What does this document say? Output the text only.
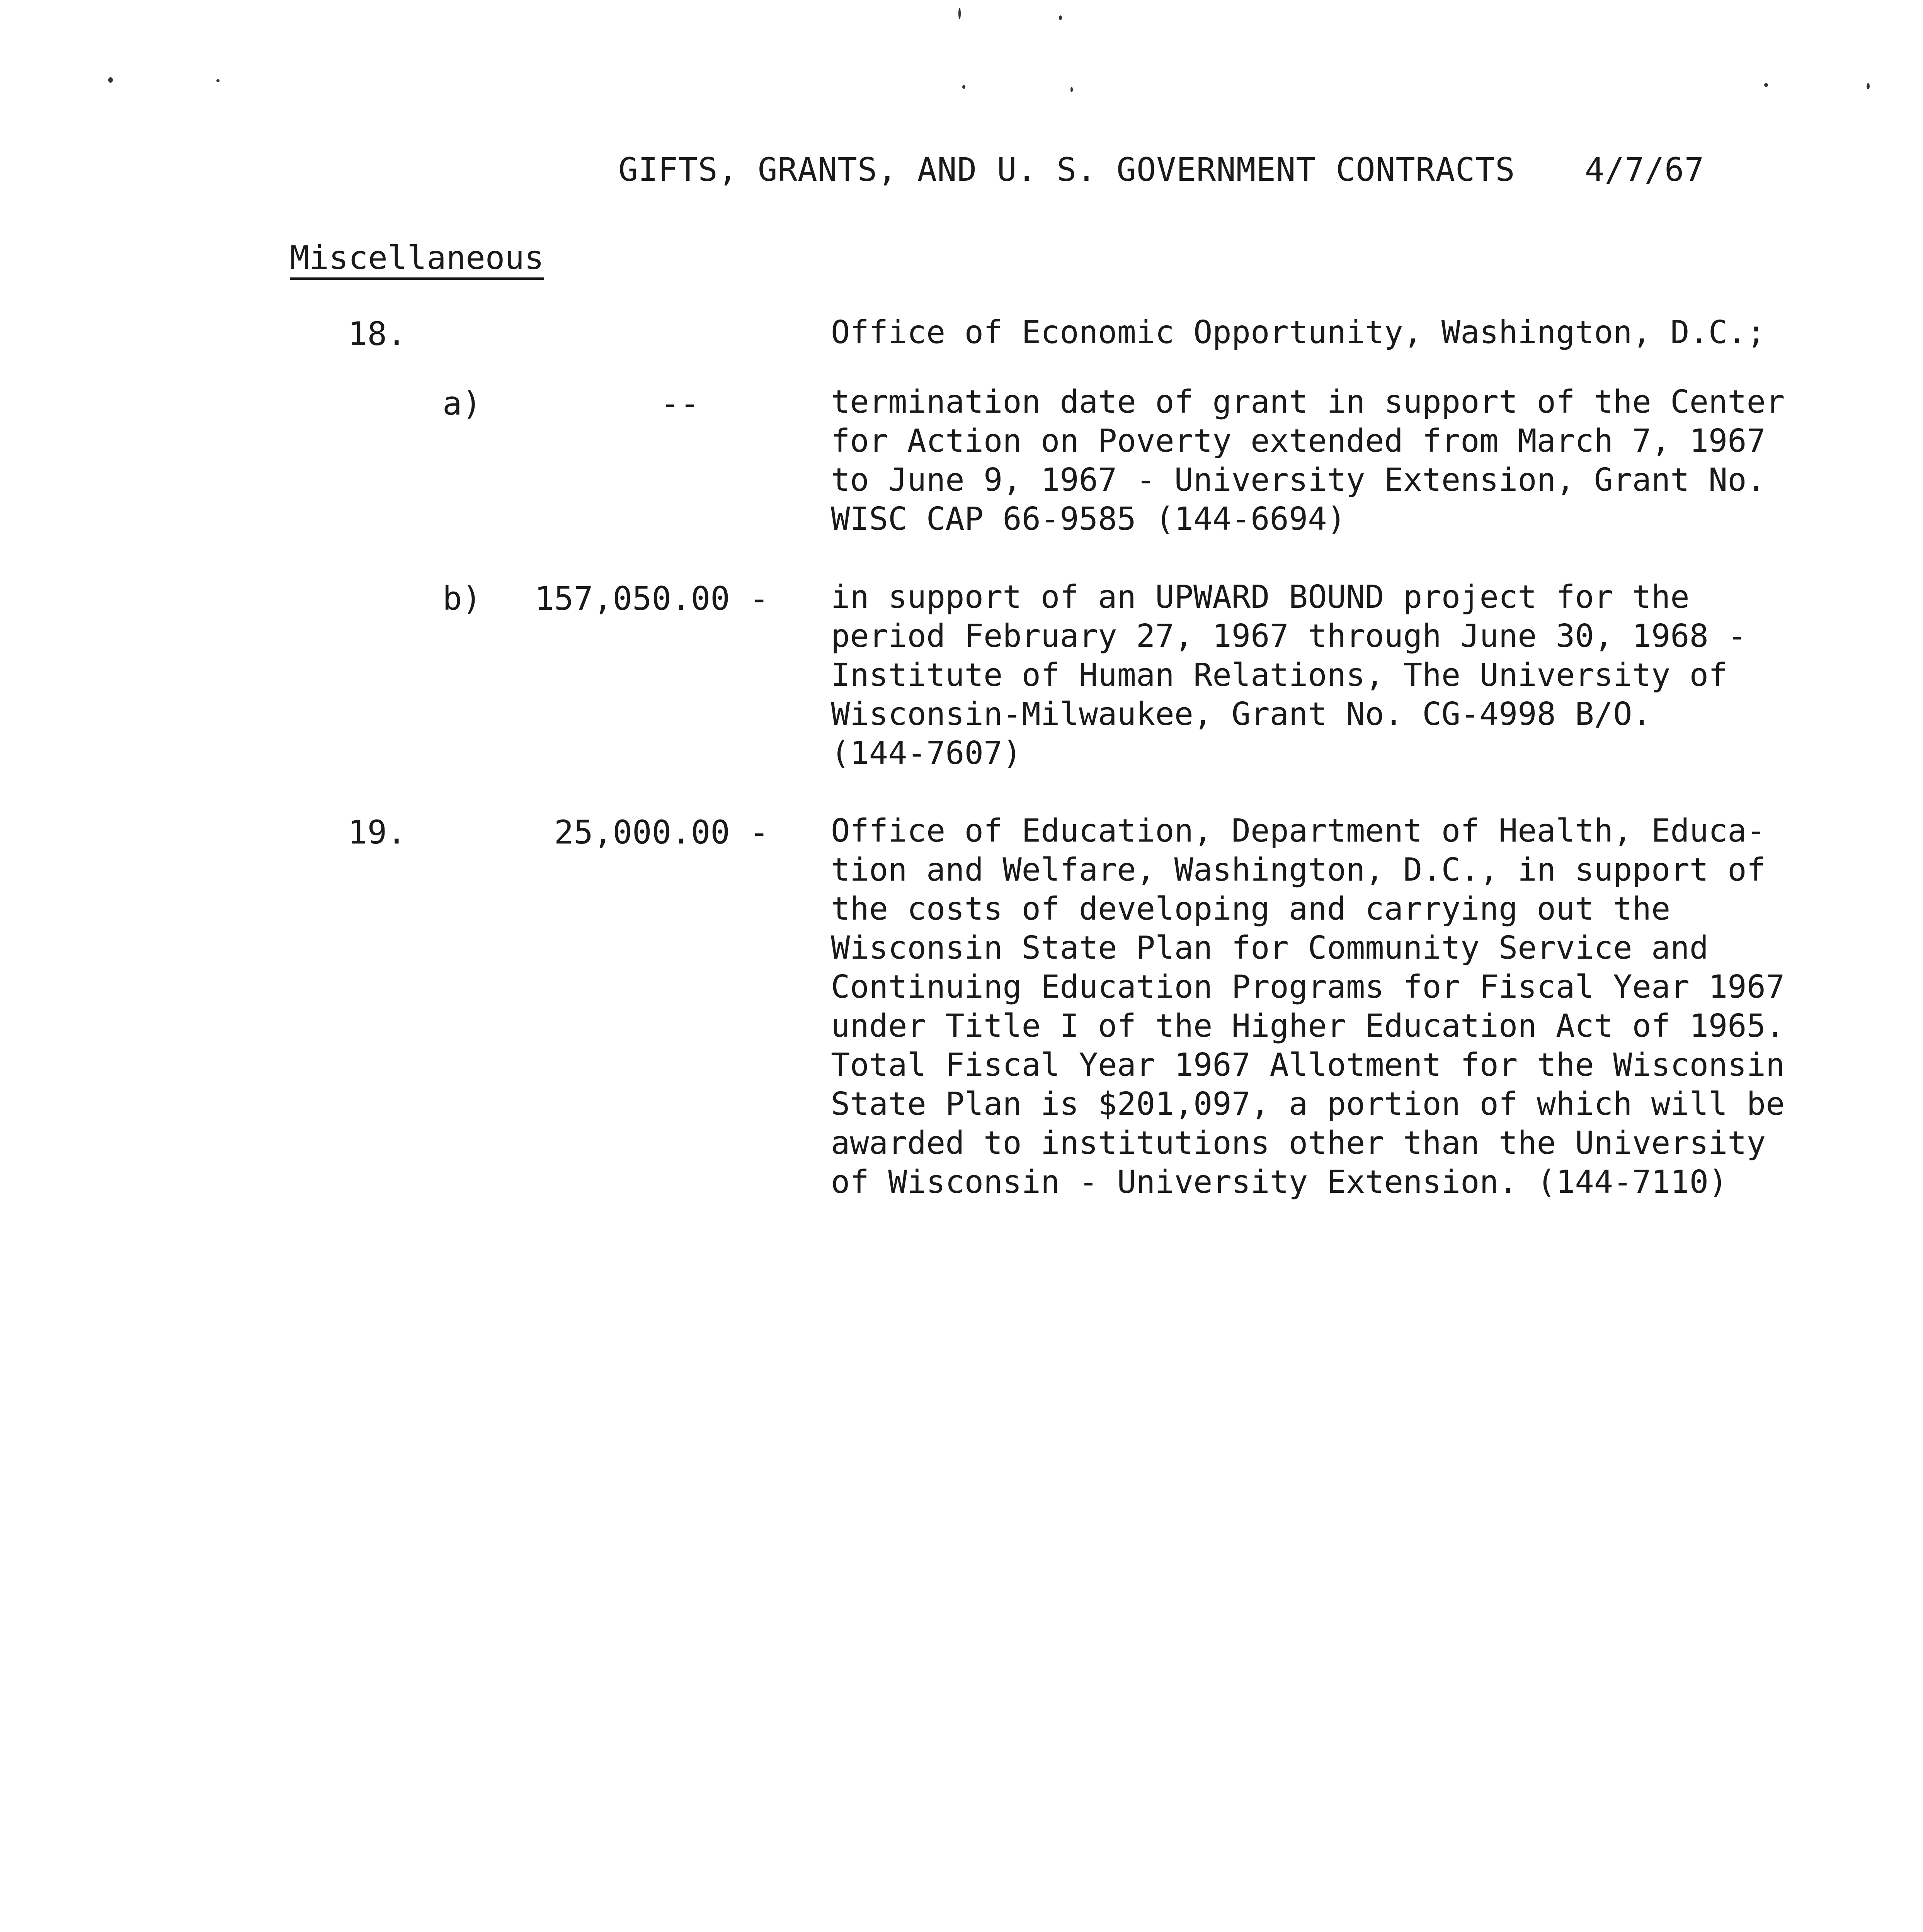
GIFTS, GRANTS, AND U. S. GOVERNMENT CONTRACTS 4/7/67
Miscellaneous
18.	Office of Economic Opportunity, Washington, D.C.;
a)	--	termination date of grant in support of the Center
for Action on Poverty extended from March 7, 1967
to June 9, 1967 - University Extension, Grant No.
WISC CAP 66-9585 (144-6694)
b)	157,050.00 - in support of an UPWARD BOUND project for the
period February 27, 1967 through June 30, 1968 -
Institute of Human Relations, The University of
Wisconsin-Milwaukee, Grant No. CG-4998 B/O.
(144-7607)
19.	25,000.00 - Office of Education, Department of Health, Educa-
tion and Welfare, Washington, D.C., in support of
the costs of developing and carrying out the
Wisconsin State Plan for Community Service and
Continuing Education Programs for Fiscal Year 1967
under Title I of the Higher Education Act of 1965.
Total Fiscal Year 1967 Allotment for the Wisconsin
State Plan is $201,097, a portion of which will be
awarded to institutions other than the University
of Wisconsin - University Extension. (144-7110)
